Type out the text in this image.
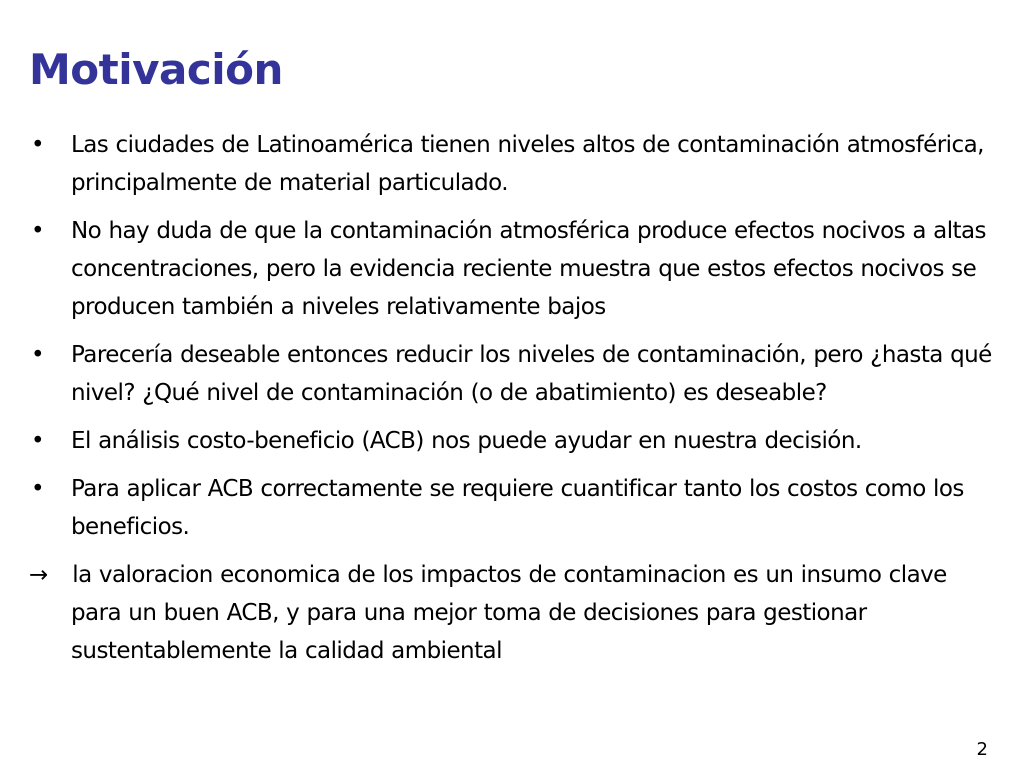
Motivación
•	Las ciudades de Latinoamérica tienen niveles altos de contaminación atmosférica, principalmente de material particulado.
•	No hay duda de que la contaminación atmosférica produce efectos nocivos a altas concentraciones, pero la evidencia reciente muestra que estos efectos nocivos se producen también a niveles relativamente bajos
•	Parecería deseable entonces reducir los niveles de contaminación, pero ¿hasta qué nivel? ¿Qué nivel de contaminación (o de abatimiento) es deseable?
•	El análisis costo-beneficio (ACB) nos puede ayudar en nuestra decisión.
•	Para aplicar ACB correctamente se requiere cuantificar tanto los costos como los beneficios.
→ la valoracion economica de los impactos de contaminacion es un insumo clave para un buen ACB, y para una mejor toma de decisiones para gestionar sustentablemente la calidad ambiental
2
